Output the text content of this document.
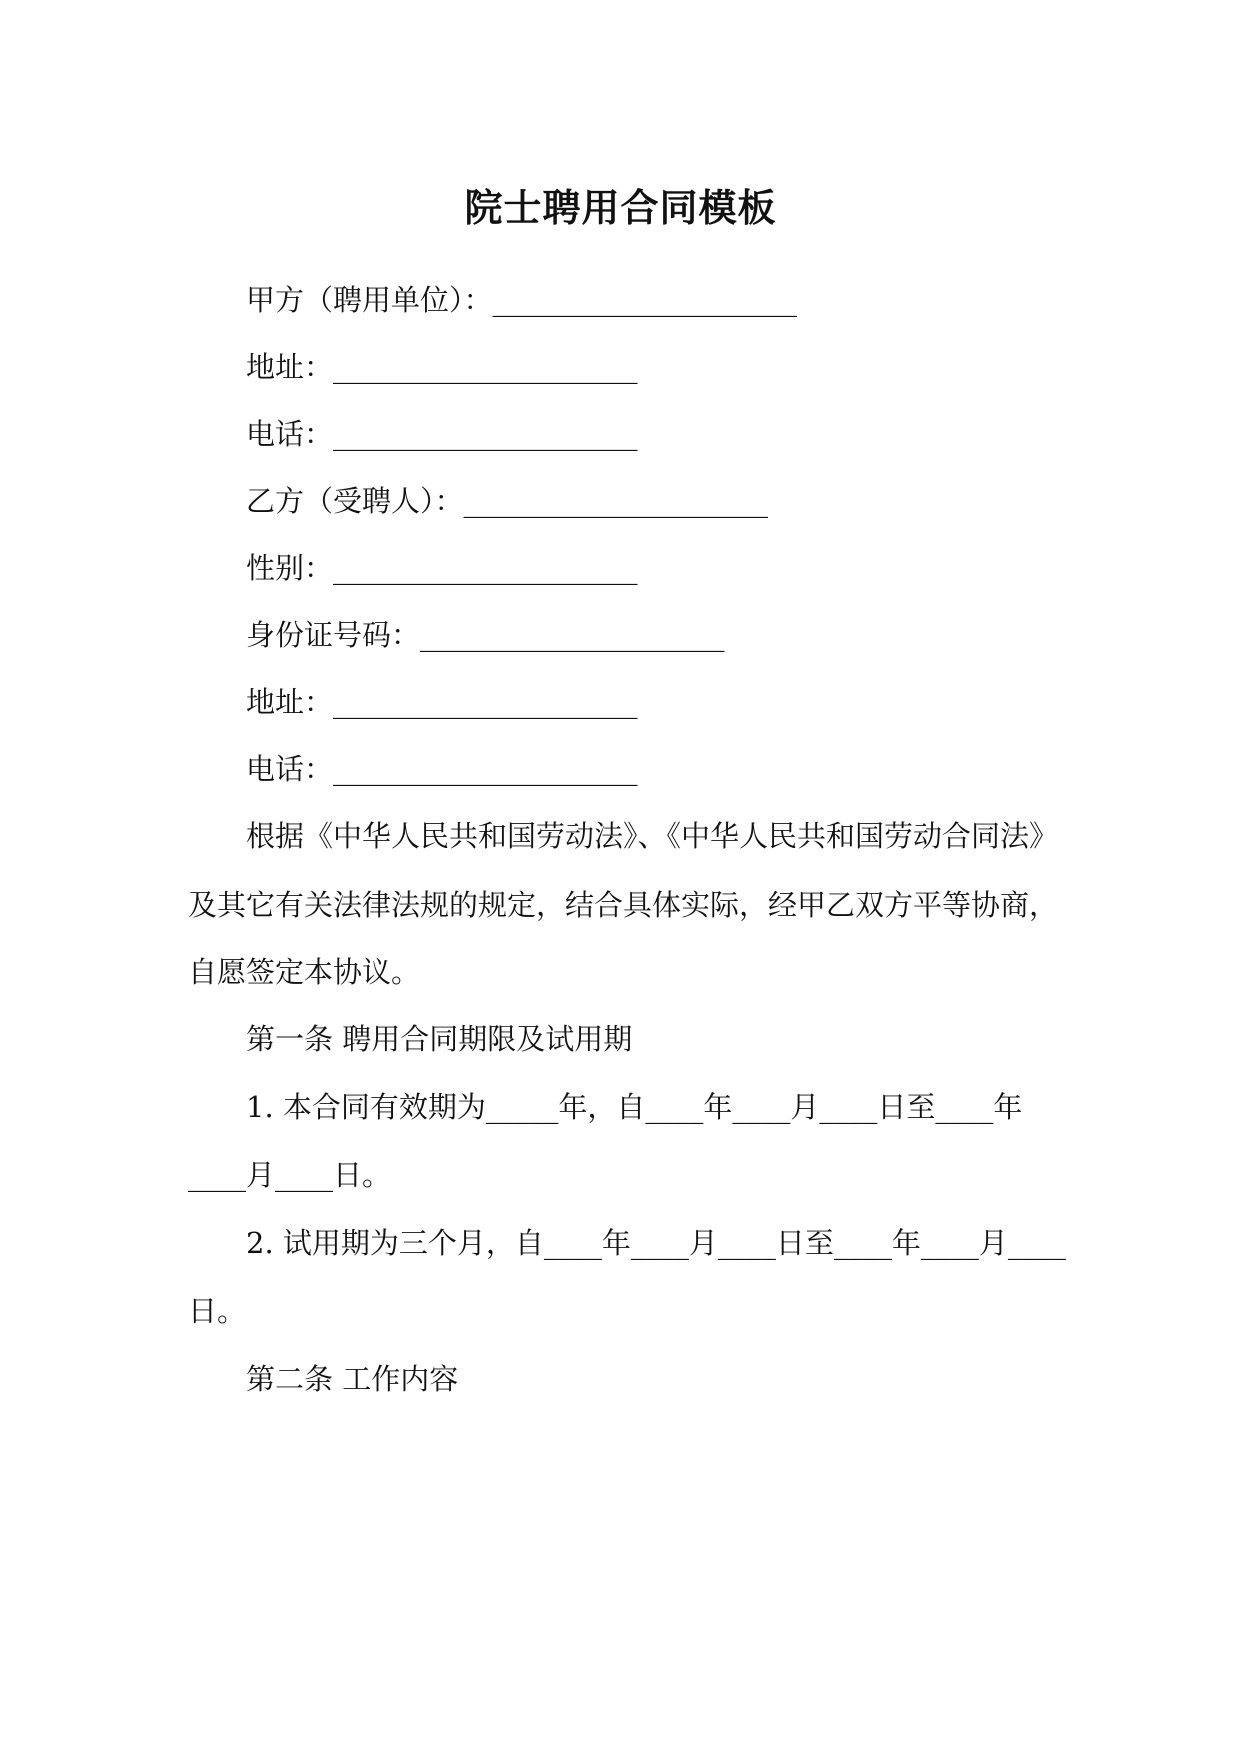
院士聘用合同模板
甲方（聘用单位）：_____________________
地址：_____________________
电话：_____________________
乙方（受聘人）：_____________________
性别：_____________________
身份证号码：_____________________
地址：_____________________
电话：_____________________
根据《中华人民共和国劳动法》、《中华人民共和国劳动合同法》
及其它有关法律法规的规定，结合具体实际，经甲乙双方平等协商，
自愿签定本协议。
第一条 聘用合同期限及试用期
1. 本合同有效期为_____年，自____年____月____日至____年
____月____日。
2. 试用期为三个月，自____年____月____日至____年____月____
日。
第二条 工作内容
